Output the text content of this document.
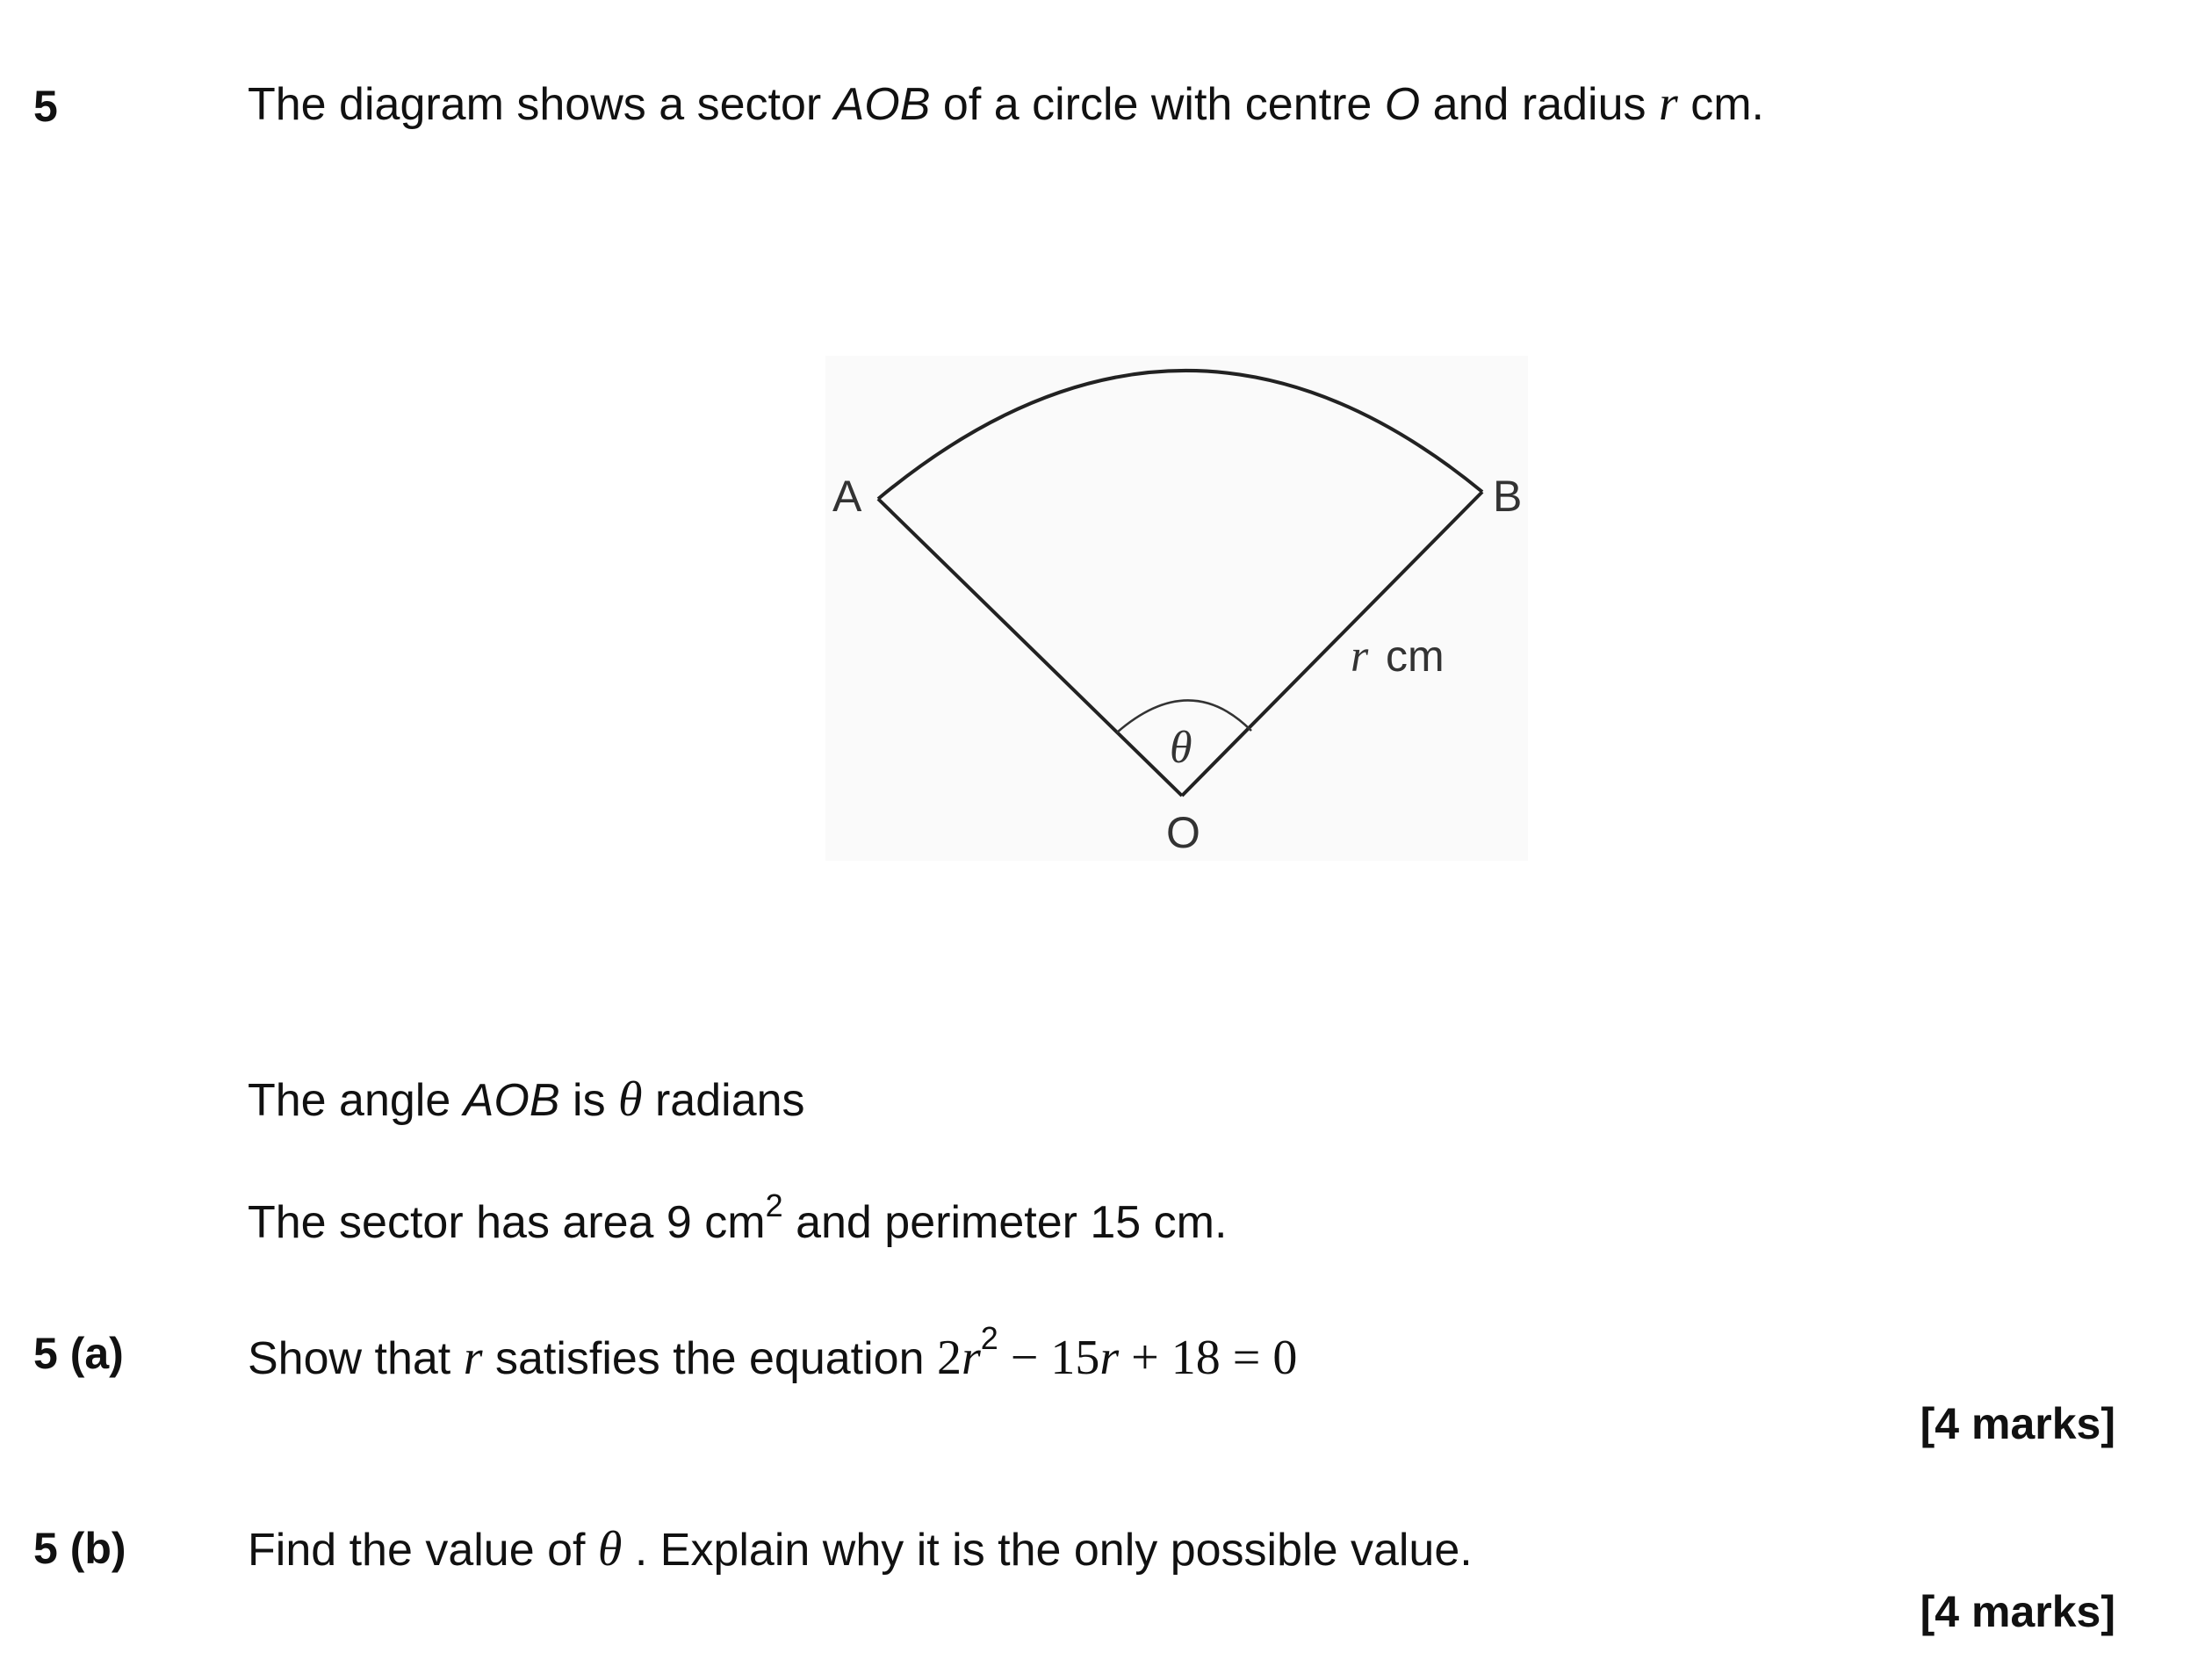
5	The diagram shows a sector AOB of a circle with centre O and radius r cm.
A	B
O
θ
r cm
The angle AOB is θ radians
The sector has area 9 $cm^2$ and perimeter 15 cm.
5 (a)	Show that r satisfies the equation $2r^2 - 15r + 18 = 0$
[4 marks]
5 (b)	Find the value of θ . Explain why it is the only possible value.
[4 marks]
